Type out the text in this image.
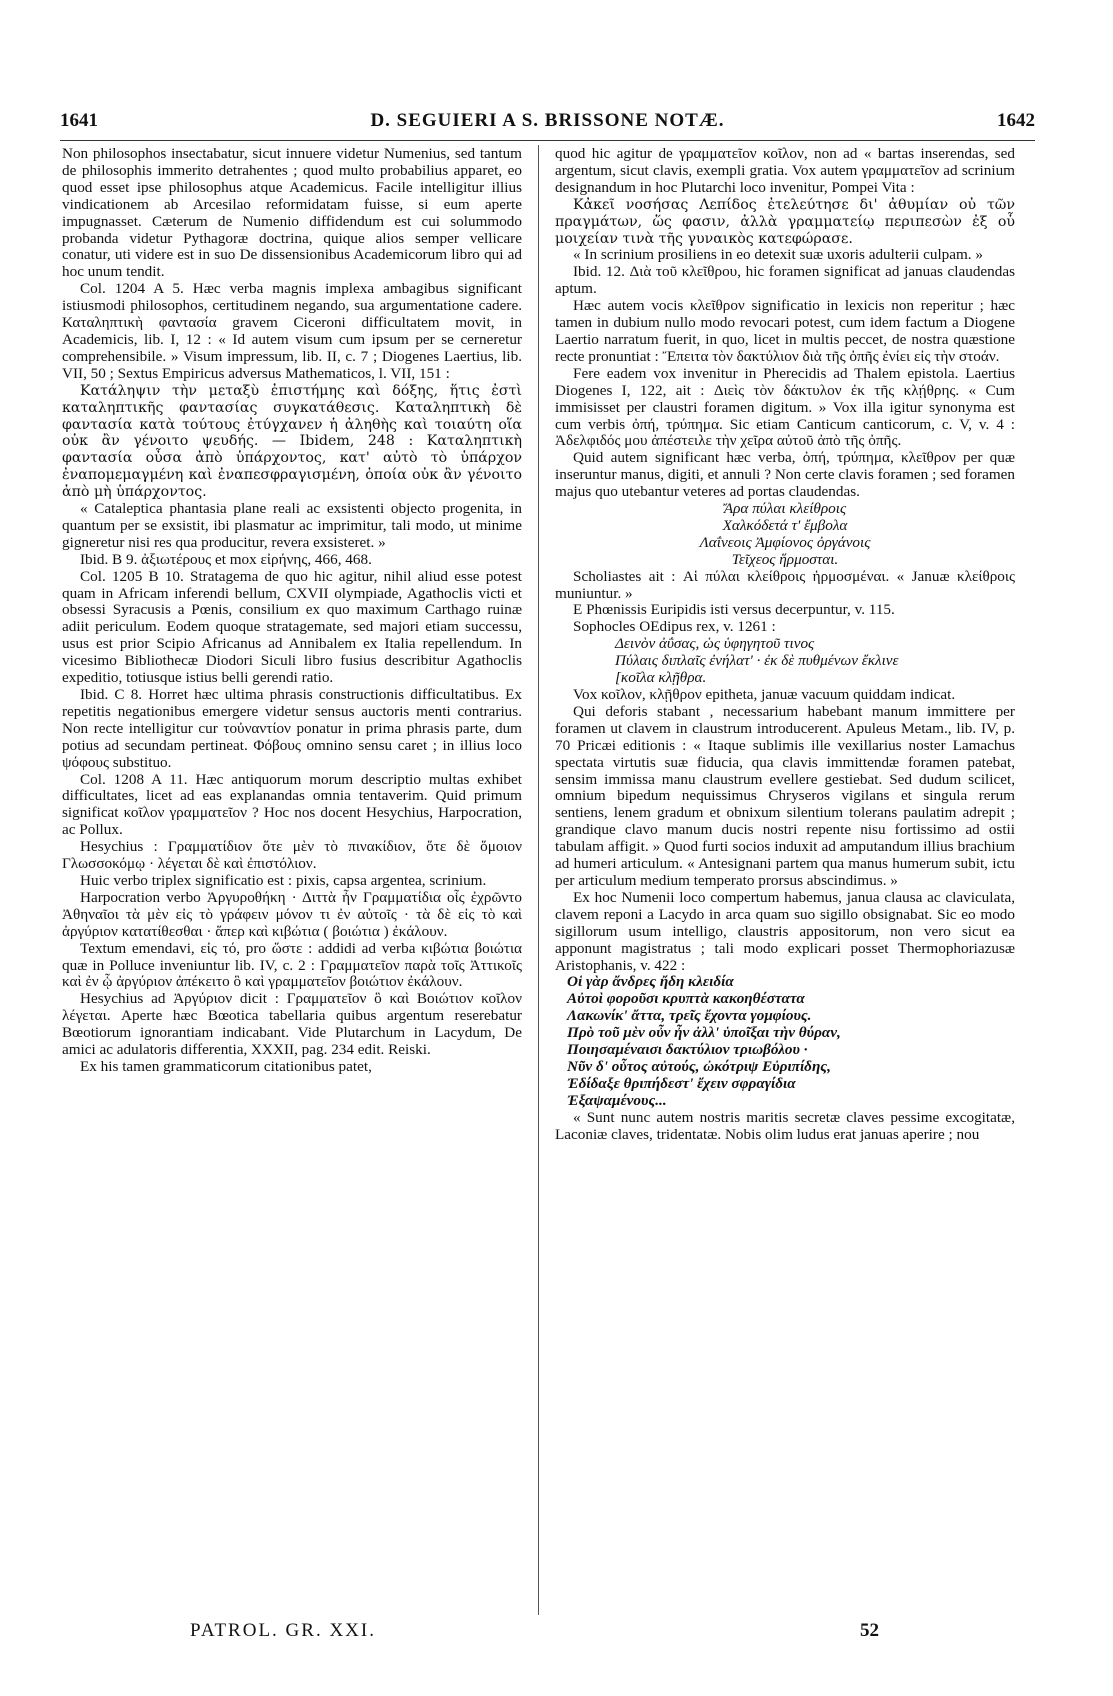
1641	D. SEGUIERI A S. BRISSONE NOTÆ.	1642

Non philosophos insectabatur, sicut innuere videtur Numenius, sed tantum de philosophis immerito detrahentes ; quod multo probabilius apparet, eo quod esset ipse philosophus atque Academicus. Facile intelligitur illius vindicationem ab Arcesilao reformidatam fuisse, si eum aperte impugnasset. Cæterum de Numenio diffidendum est cui solummodo probanda videtur Pythagoræ doctrina, quique alios semper vellicare conatur, uti videre est in suo De dissensionibus Academicorum libro qui ad hoc unum tendit.

Col. 1204 A 5. Hæc verba magnis implexa ambagibus significant istiusmodi philosophos, certitudinem negando, sua argumentatione cadere. Καταληπτικὴ φαντασία gravem Ciceroni difficultatem movit, in Academicis, lib. I, 12 : « Id autem visum cum ipsum per se cerneretur comprehensibile. » Visum impressum, lib. II, c. 7 ; Diogenes Laertius, lib. VII, 50 ; Sextus Empiricus adversus Mathematicos, l. VII, 151 :

Κατάληψιν τὴν μεταξὺ ἐπιστήμης καὶ δόξης, ἥτις ἐστὶ καταληπτικῆς φαντασίας συγκατάθεσις. Καταληπτικὴ δὲ φαντασία κατὰ τούτους ἐτύγχανεν ἡ ἀληθὴς καὶ τοιαύτη οἵα οὐκ ἂν γένοιτο ψευδής. — Ibidem, 248 : Καταληπτικὴ φαντασία οὖσα ἀπὸ ὑπάρχοντος, κατ' αὐτὸ τὸ ὑπάρχον ἐναπομεμαγμένη καὶ ἐναπεσφραγισμένη, ὁποία οὐκ ἂν γένοιτο ἀπὸ μὴ ὑπάρχοντος.

« Cataleptica phantasia plane reali ac exsistenti objecto progenita, in quantum per se exsistit, ibi plasmatur ac imprimitur, tali modo, ut minime gigneretur nisi res qua producitur, revera exsisteret. »

Ibid. B 9. ἀξιωτέρους et mox εἰρήνης, 466, 468.

Col. 1205 B 10. Stratagema de quo hic agitur, nihil aliud esse potest quam in Africam inferendi bellum, CXVII olympiade, Agathoclis victi et obsessi Syracusis a Pœnis, consilium ex quo maximum Carthago ruinæ adiit periculum. Eodem quoque stratagemate, sed majori etiam successu, usus est prior Scipio Africanus ad Annibalem ex Italia repellendum. In vicesimo Bibliothecæ Diodori Siculi libro fusius describitur Agathoclis expeditio, totiusque istius belli gerendi ratio.

Ibid. C 8. Horret hæc ultima phrasis constructionis difficultatibus. Ex repetitis negationibus emergere videtur sensus auctoris menti contrarius. Non recte intelligitur cur τοὐναντίον ponatur in prima phrasis parte, dum potius ad secundam pertineat. Φόβους omnino sensu caret ; in illius loco ψόφους substituo.

Col. 1208 A 11. Hæc antiquorum morum descriptio multas exhibet difficultates, licet ad eas explanandas omnia tentaverim. Quid primum significat κοῖλον γραμματεῖον ? Hoc nos docent Hesychius, Harpocration, ac Pollux.

Hesychius : Γραμματίδιον ὅτε μὲν τὸ πινακίδιον, ὅτε δὲ ὅμοιον Γλωσσοκόμῳ · λέγεται δὲ καὶ ἐπιστόλιον.

Huic verbo triplex significatio est : pixis, capsa argentea, scrinium.

Harpocration verbo Ἀργυροθήκη · Διττὰ ἦν Γραμματίδια οἷς ἐχρῶντο Ἀθηναῖοι τὰ μὲν εἰς τὸ γράφειν μόνον τι ἐν αὐτοῖς · τὰ δὲ εἰς τὸ καὶ ἀργύριον κατατίθεσθαι · ἅπερ καὶ κιβώτια ( βοιώτια ) ἐκάλουν.

Textum emendavi, εἰς τό, pro ὥστε : addidi ad verba κιβώτια βοιώτια quæ in Polluce inveniuntur lib. IV, c. 2 : Γραμματεῖον παρὰ τοῖς Ἀττικοῖς καὶ ἐν ᾧ ἀργύριον ἀπέκειτο ὃ καὶ γραμματεῖον βοιώτιον ἐκάλουν.

Hesychius ad Ἀργύριον dicit : Γραμματεῖον ὃ καὶ Βοιώτιον κοῖλον λέγεται. Aperte hæc Bœotica tabellaria quibus argentum reserebatur Bœotiorum ignorantiam indicabant. Vide Plutarchum in Lacydum, De amici ac adulatoris differentia, XXXII, pag. 234 edit. Reiski.

Ex his tamen grammaticorum citationibus patet,

quod hic agitur de γραμματεῖον κοῖλον, non ad « bartas inserendas, sed argentum, sicut clavis, exempli gratia. Vox autem γραμματεῖον ad scrinium designandum in hoc Plutarchi loco invenitur, Pompei Vita :

Κἀκεῖ νοσήσας Λεπίδος ἐτελεύτησε δι' ἀθυμίαν οὐ τῶν πραγμάτων, ὥς φασιν, ἀλλὰ γραμματείῳ περιπεσὼν ἐξ οὗ μοιχείαν τινὰ τῆς γυναικὸς κατεφώρασε.

« In scrinium prosiliens in eo detexit suæ uxoris adulterii culpam. »

Ibid. 12. Διὰ τοῦ κλεῖθρου, hic foramen significat ad januas claudendas aptum.

Hæc autem vocis κλεῖθρον significatio in lexicis non reperitur ; hæc tamen in dubium nullo modo revocari potest, cum idem factum a Diogene Laertio narratum fuerit, in quo, licet in multis peccet, de nostra quæstione recte pronuntiat : Ἔπειτα τὸν δακτύλιον διὰ τῆς ὀπῆς ἐνίει εἰς τὴν στοάν.

Fere eadem vox invenitur in Pherecidis ad Thalem epistola. Laertius Diogenes I, 122, ait : Διεὶς τὸν δάκτυλον ἐκ τῆς κλῄθρης. « Cum immisisset per claustri foramen digitum. » Vox illa igitur synonyma est cum verbis ὀπή, τρύπημα. Sic etiam Canticum canticorum, c. V, v. 4 : Ἀδελφιδός μου ἀπέστειλε τὴν χεῖρα αὐτοῦ ἀπὸ τῆς ὀπῆς.

Quid autem significant hæc verba, ὀπή, τρύπημα, κλεῖθρον per quæ inseruntur manus, digiti, et annuli ? Non certe clavis foramen ; sed foramen majus quo utebantur veteres ad portas claudendas.

Ἄρα πύλαι κλείθροις

Χαλκόδετά τ' ἔμβολα

Λαΐνεοις Ἀμφίονος ὀργάνοις

Τεῖχεος ἥρμοσται.

Scholiastes ait : Αἱ πύλαι κλείθροις ἡρμοσμέναι. « Januæ κλείθροις muniuntur. »

E Phœnissis Euripidis isti versus decerpuntur, v. 115.

Sophocles OEdipus rex, v. 1261 :

Δεινὸν ἀΰσας, ὡς ὑφηγητοῦ τινος

Πύλαις διπλαῖς ἐνήλατ' · ἐκ δὲ πυθμένων ἔκλινε

[κοῖλα κλῇθρα.

Vox κοῖλον, κλῇθρον epitheta, januæ vacuum quiddam indicat.

Qui deforis stabant , necessarium habebant manum immittere per foramen ut clavem in claustrum introducerent. Apuleus Metam., lib. IV, p. 70 Pricæi editionis : « Itaque sublimis ille vexillarius noster Lamachus spectata virtutis suæ fiducia, qua clavis immittendæ foramen patebat, sensim immissa manu claustrum evellere gestiebat. Sed dudum scilicet, omnium bipedum nequissimus Chryseros vigilans et singula rerum sentiens, lenem gradum et obnixum silentium tolerans paulatim adrepit ; grandique clavo manum ducis nostri repente nisu fortissimo ad ostii tabulam affigit. » Quod furti socios induxit ad amputandum illius brachium ad humeri articulum. « Antesignani partem qua manus humerum subit, ictu per articulum medium temperato prorsus abscindimus. »

Ex hoc Numenii loco compertum habemus, janua clausa ac claviculata, clavem reponi a Lacydo in arca quam suo sigillo obsignabat. Sic eo modo sigillorum usum intelligo, claustris appositorum, non vero sicut ea apponunt magistratus ; tali modo explicari posset Thermophoriazusæ Aristophanis, v. 422 :

Οἱ γὰρ ἄνδρες ἤδη κλειδία

Αὐτοὶ φοροῦσι κρυπτὰ κακοηθέστατα

Λακωνίκ' ἄττα, τρεῖς ἔχοντα γομφίους.

Πρὸ τοῦ μὲν οὖν ἦν ἀλλ' ὑποῖξαι τὴν θύραν,

Ποιησαμέναισι δακτύλιον τριωβόλου ·

Νῦν δ' οὗτος αὐτούς, ὠκότριψ Εὐριπίδης,

Ἐδίδαξε θριπήδεστ' ἔχειν σφραγίδια

Ἐξαψαμένους...

« Sunt nunc autem nostris maritis secretæ claves pessime excogitatæ, Laconiæ claves, tridentatæ. Nobis olim ludus erat januas aperire ; nou

PATROL. GR. XXI.	52
